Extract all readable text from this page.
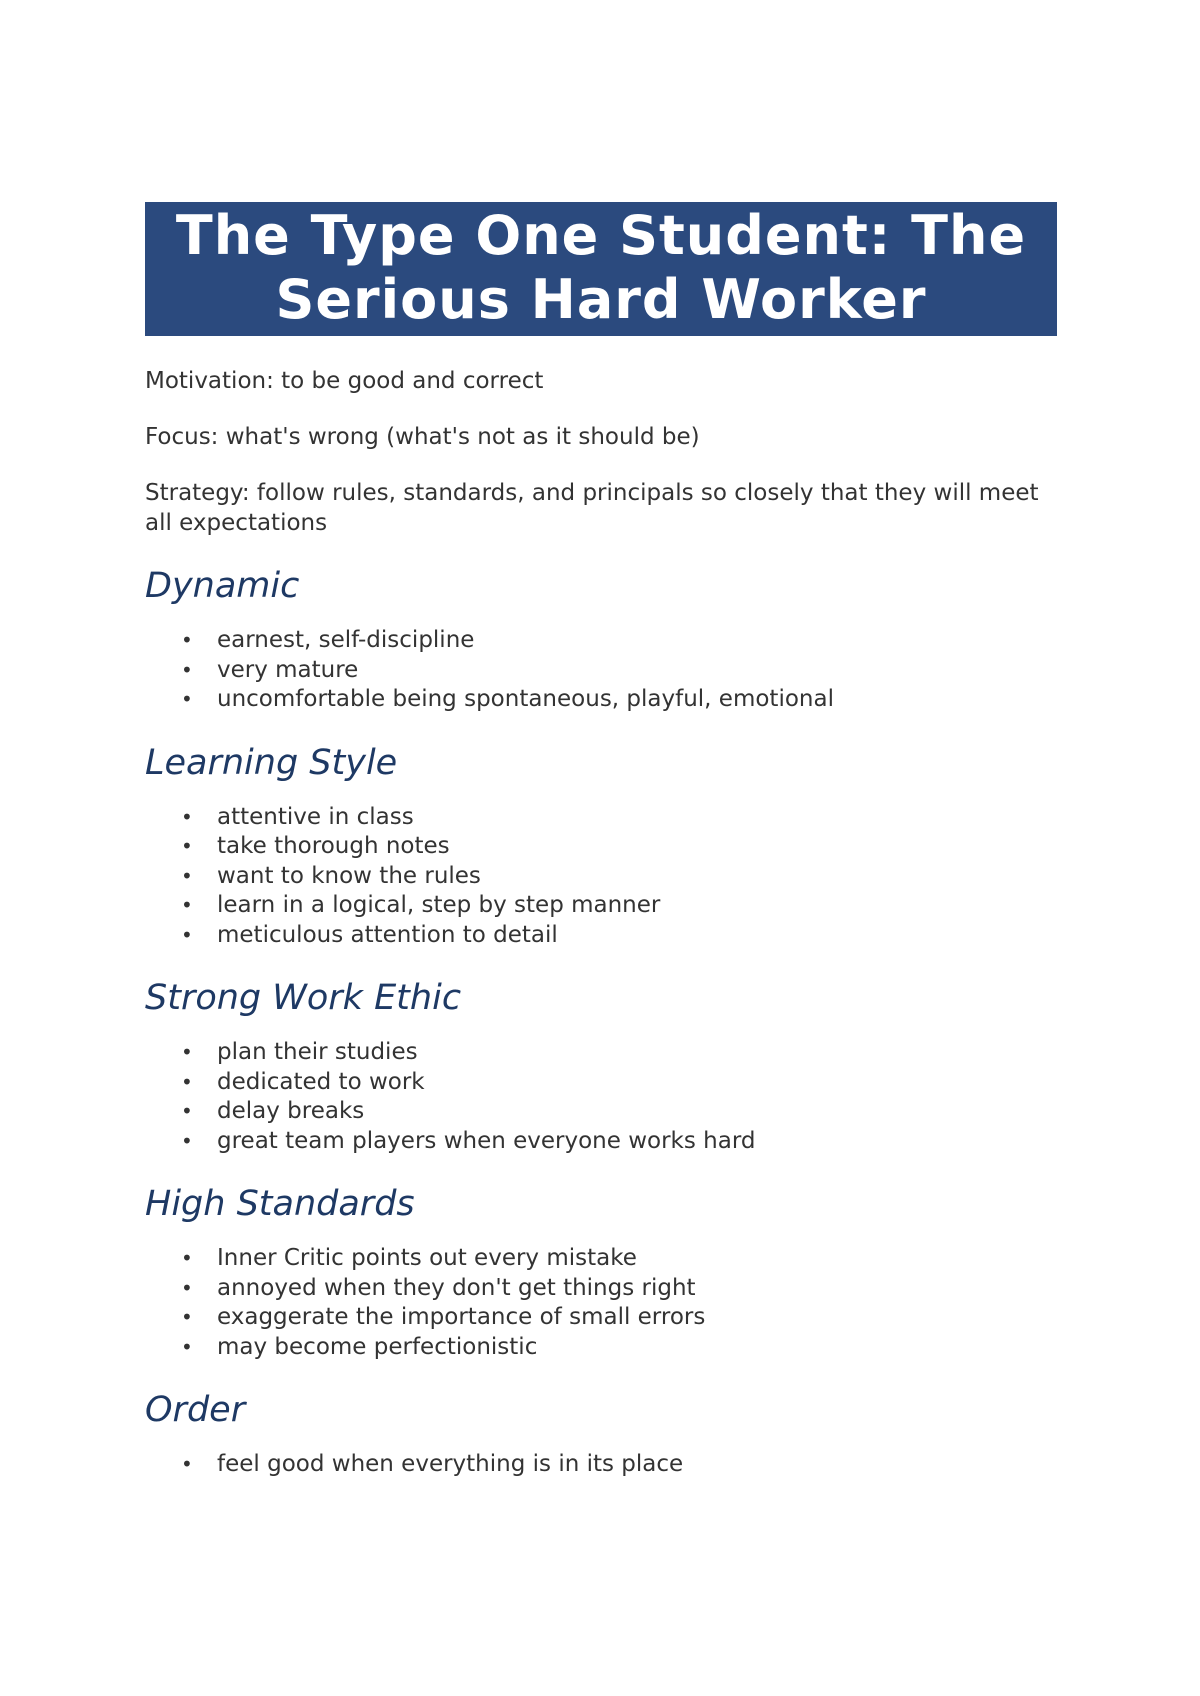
The Type One Student: The Serious Hard Worker

Motivation: to be good and correct

Focus: what's wrong (what's not as it should be)

Strategy: follow rules, standards, and principals so closely that they will meet all expectations

Dynamic
• earnest, self-discipline
• very mature
• uncomfortable being spontaneous, playful, emotional
Learning Style
• attentive in class
• take thorough notes
• want to know the rules
• learn in a logical, step by step manner
• meticulous attention to detail
Strong Work Ethic
• plan their studies
• dedicated to work
• delay breaks
• great team players when everyone works hard
High Standards
• Inner Critic points out every mistake
• annoyed when they don't get things right
• exaggerate the importance of small errors
• may become perfectionistic
Order
• feel good when everything is in its place
